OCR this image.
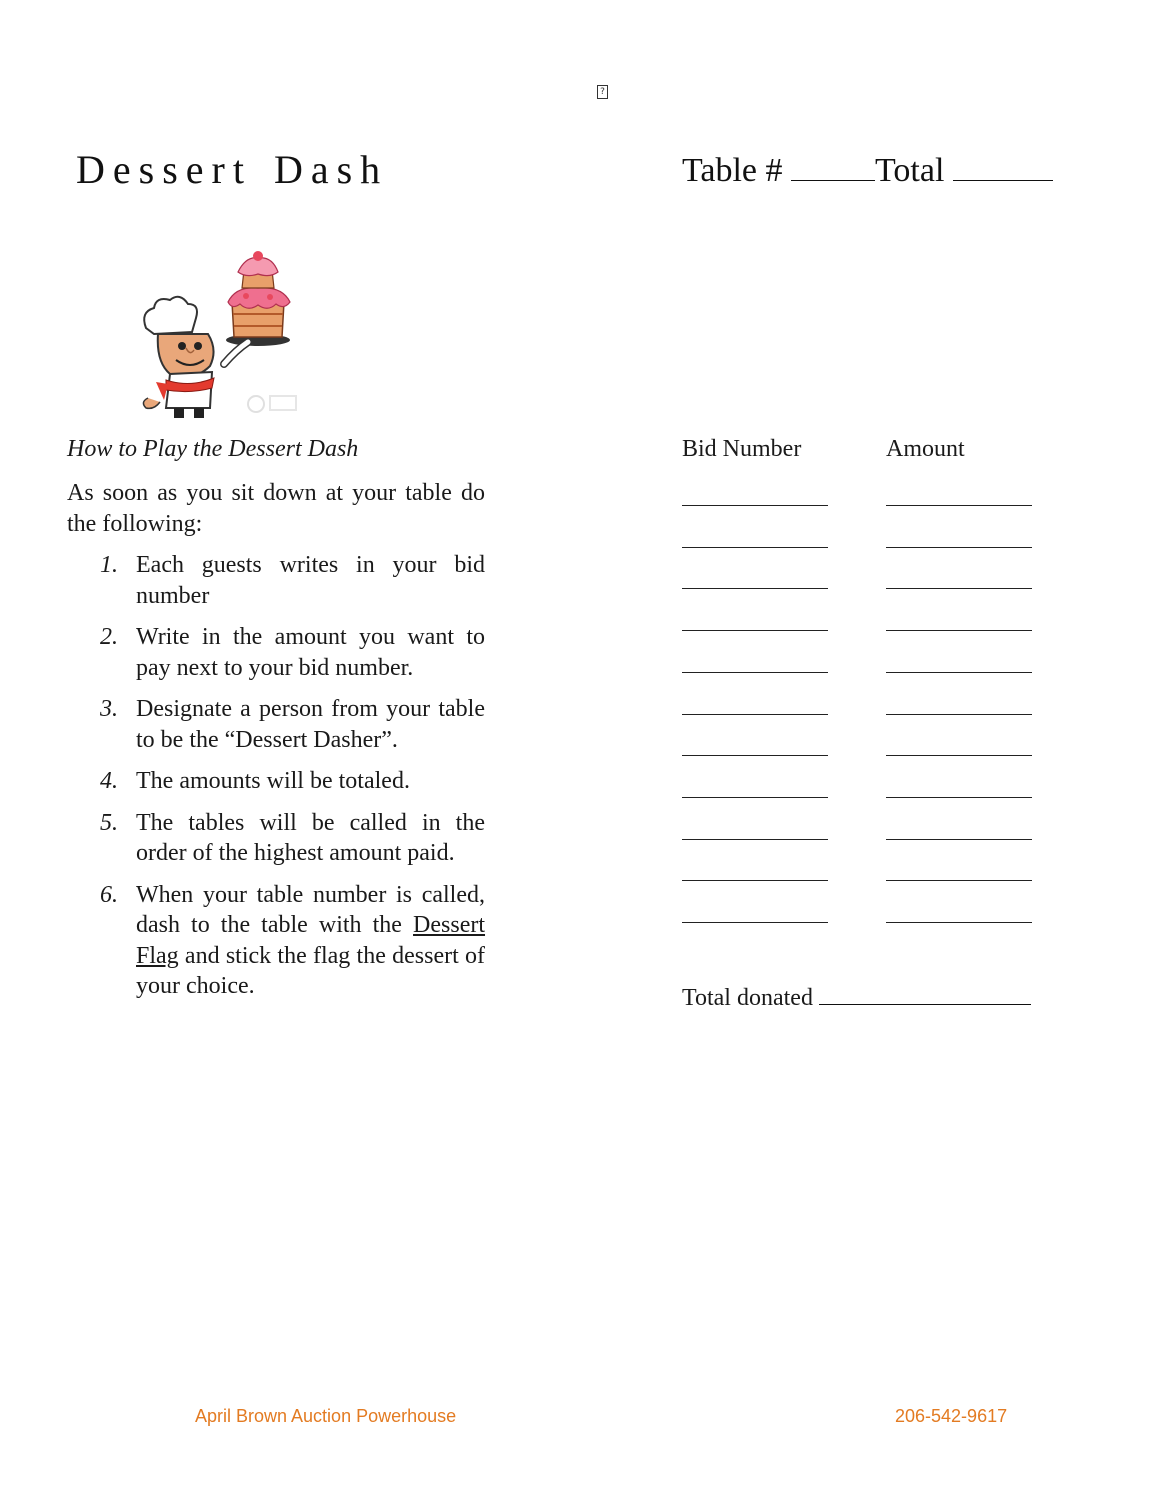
?
Dessert Dash	Table #	Total
How to Play the Dessert Dash
As soon as you sit down at your table do the following:
1. Each guests writes in your bid number
2. Write in the amount you want to pay next to your bid number.
3. Designate a person from your table to be the “Dessert Dasher”.
4. The amounts will be totaled.
5. The tables will be called in the order of the highest amount paid.
6. When your table number is called, dash to the table with the Dessert Flag and stick the flag the dessert of your choice.
Bid Number	Amount
Total donated
April Brown Auction Powerhouse	206-542-9617
